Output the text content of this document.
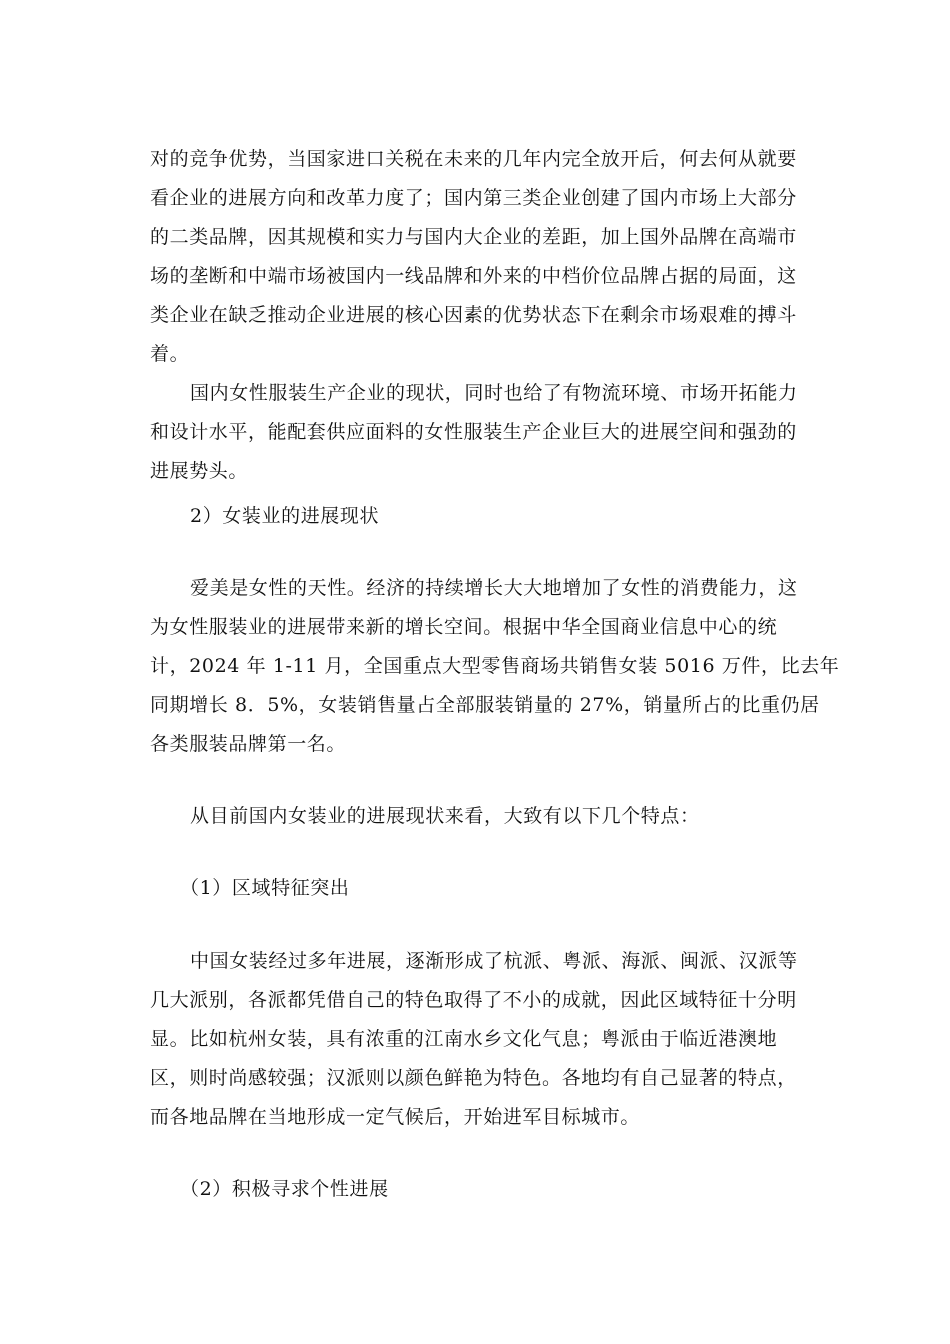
对的竞争优势，当国家进口关税在未来的几年内完全放开后，何去何从就要
看企业的进展方向和改革力度了；国内第三类企业创建了国内市场上大部分
的二类品牌，因其规模和实力与国内大企业的差距，加上国外品牌在高端市
场的垄断和中端市场被国内一线品牌和外来的中档价位品牌占据的局面，这
类企业在缺乏推动企业进展的核心因素的优势状态下在剩余市场艰难的搏斗
着。
国内女性服装生产企业的现状，同时也给了有物流环境、市场开拓能力
和设计水平，能配套供应面料的女性服装生产企业巨大的进展空间和强劲的
进展势头。
2）女装业的进展现状
爱美是女性的天性。经济的持续增长大大地增加了女性的消费能力，这
为女性服装业的进展带来新的增长空间。根据中华全国商业信息中心的统
计，2024 年 1-11 月，全国重点大型零售商场共销售女装 5016 万件，比去年
同期增长 8．5%，女装销售量占全部服装销量的 27%，销量所占的比重仍居
各类服装品牌第一名。
从目前国内女装业的进展现状来看，大致有以下几个特点：
（1）区域特征突出
中国女装经过多年进展，逐渐形成了杭派、粤派、海派、闽派、汉派等
几大派别，各派都凭借自己的特色取得了不小的成就，因此区域特征十分明
显。比如杭州女装，具有浓重的江南水乡文化气息；粤派由于临近港澳地
区，则时尚感较强；汉派则以颜色鲜艳为特色。各地均有自己显著的特点，
而各地品牌在当地形成一定气候后，开始进军目标城市。
（2）积极寻求个性进展
